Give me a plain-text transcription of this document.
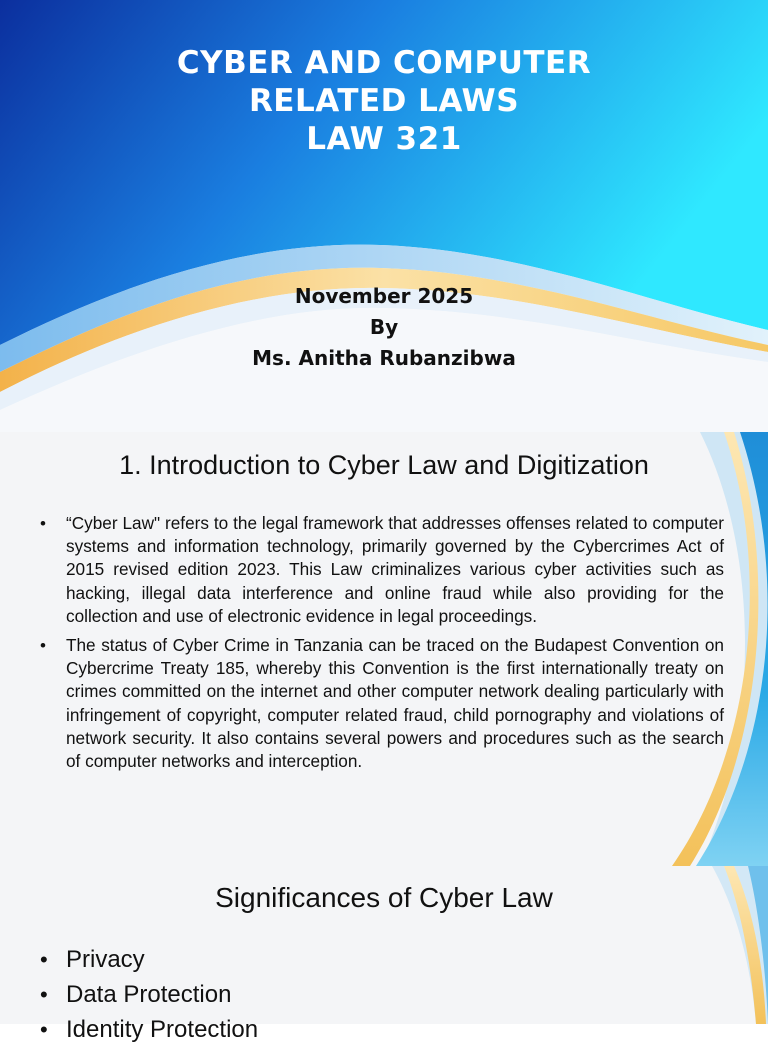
CYBER AND COMPUTER
RELATED LAWS
LAW 321
November 2025
By
Ms. Anitha Rubanzibwa
1. Introduction to Cyber Law and Digitization
• “Cyber Law" refers to the legal framework that addresses offenses related to computer systems and information technology, primarily governed by the Cybercrimes Act of 2015 revised edition 2023. This Law criminalizes various cyber activities such as hacking, illegal data interference and online fraud while also providing for the collection and use of electronic evidence in legal proceedings.
• The status of Cyber Crime in Tanzania can be traced on the Budapest Convention on Cybercrime Treaty 185, whereby this Convention is the first internationally treaty on crimes committed on the internet and other computer network dealing particularly with infringement of copyright, computer related fraud, child pornography and violations of network security. It also contains several powers and procedures such as the search of computer networks and interception.
Significances of Cyber Law
• Privacy
• Data Protection
• Identity Protection
